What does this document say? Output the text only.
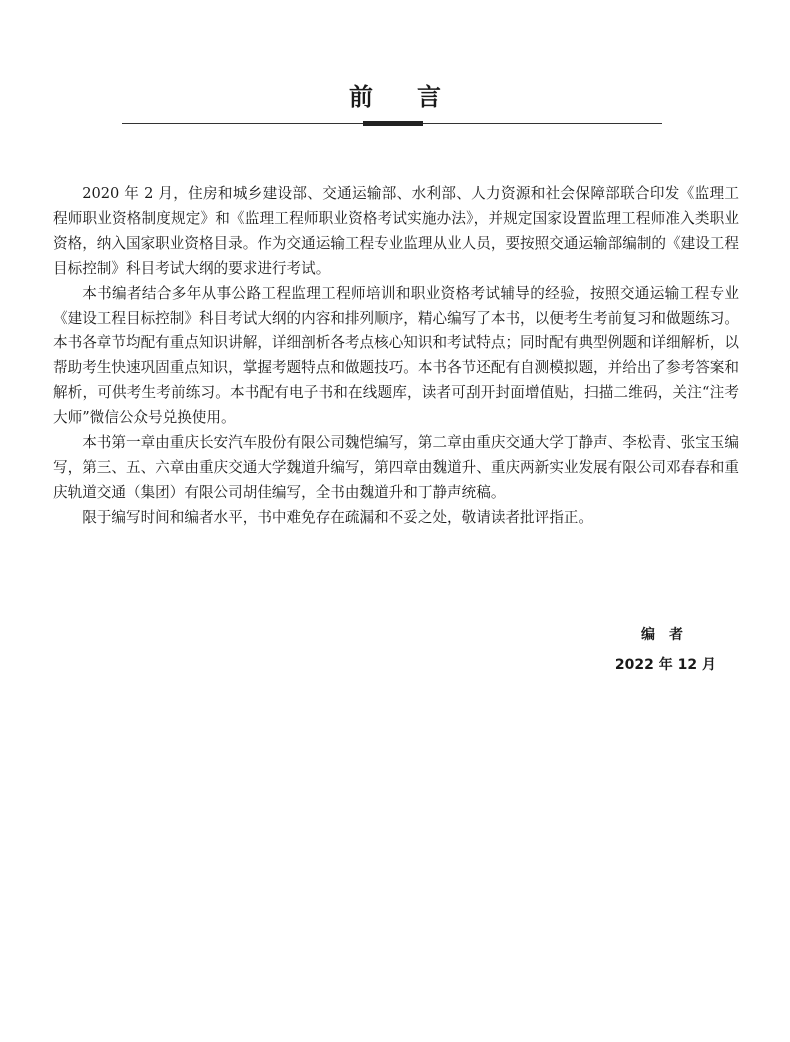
前言

2020 年 2 月，住房和城乡建设部、交通运输部、水利部、人力资源和社会保障部联合印发《监理工程师职业资格制度规定》和《监理工程师职业资格考试实施办法》，并规定国家设置监理工程师准入类职业资格，纳入国家职业资格目录。作为交通运输工程专业监理从业人员，要按照交通运输部编制的《建设工程目标控制》科目考试大纲的要求进行考试。

本书编者结合多年从事公路工程监理工程师培训和职业资格考试辅导的经验，按照交通运输工程专业《建设工程目标控制》科目考试大纲的内容和排列顺序，精心编写了本书，以便考生考前复习和做题练习。本书各章节均配有重点知识讲解，详细剖析各考点核心知识和考试特点；同时配有典型例题和详细解析，以帮助考生快速巩固重点知识，掌握考题特点和做题技巧。本书各节还配有自测模拟题，并给出了参考答案和解析，可供考生考前练习。本书配有电子书和在线题库，读者可刮开封面增值贴，扫描二维码，关注“注考大师”微信公众号兑换使用。

本书第一章由重庆长安汽车股份有限公司魏恺编写，第二章由重庆交通大学丁静声、李松青、张宝玉编写，第三、五、六章由重庆交通大学魏道升编写，第四章由魏道升、重庆两新实业发展有限公司邓春春和重庆轨道交通（集团）有限公司胡佳编写，全书由魏道升和丁静声统稿。

限于编写时间和编者水平，书中难免存在疏漏和不妥之处，敬请读者批评指正。

编者
2022 年 12 月
